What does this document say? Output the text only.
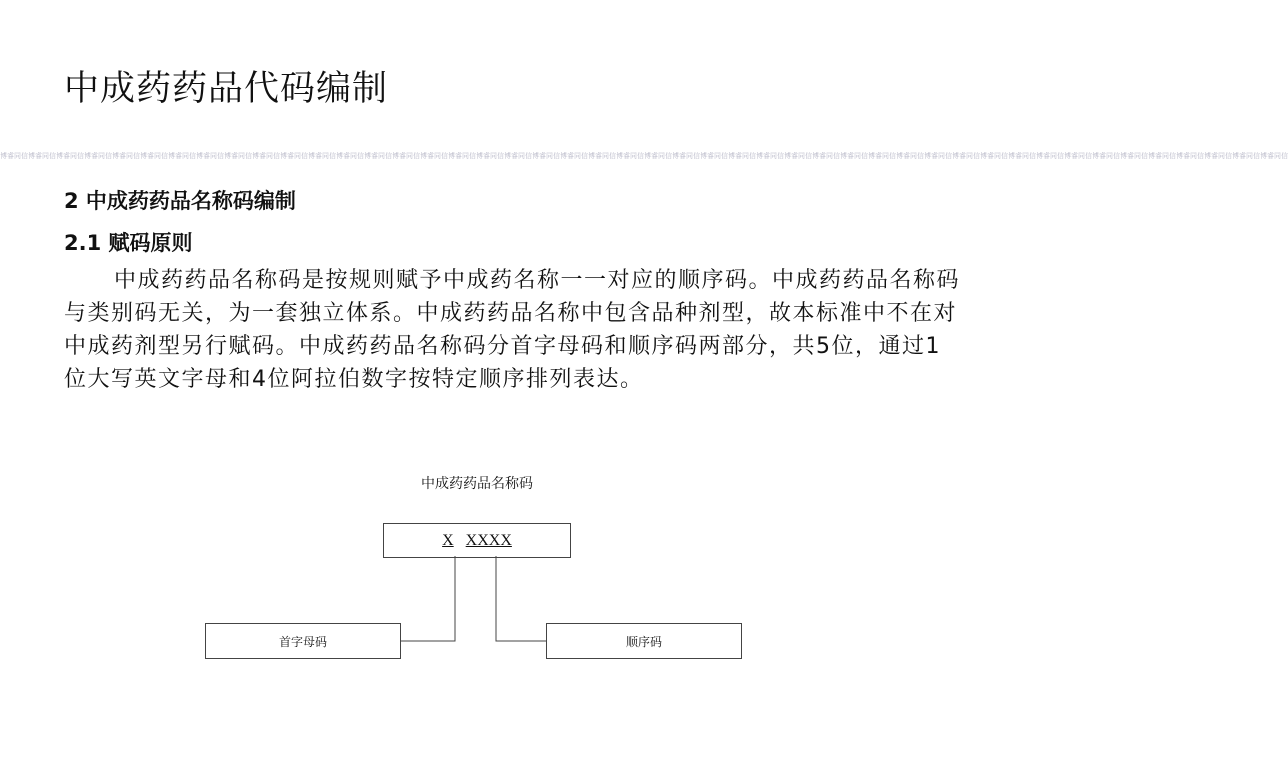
中成药药品代码编制
博睿同信博睿同信博睿同信博睿同信博睿同信博睿同信博睿同信博睿同信博睿同信博睿同信博睿同信博睿同信博睿同信博睿同信博睿同信博睿同信博睿同信博睿同信博睿同信博睿同信博睿同信博睿同信博睿同信博睿同信博睿同信博睿同信博睿同信博睿同信博睿同信博睿同信博睿同信博睿同信博睿同信博睿同信博睿同信博睿同信博睿同信博睿同信博睿同信博睿同信博睿同信博睿同信博睿同信博睿同信博睿同信博睿同信
2 中成药药品名称码编制
2.1 赋码原则

中成药药品名称码是按规则赋予中成药名称一一对应的顺序码。中成药药品名称码与类别码无关，为一套独立体系。中成药药品名称中包含品种剂型，故本标准中不在对中成药剂型另行赋码。中成药药品名称码分首字母码和顺序码两部分，共5位，通过1位大写英文字母和4位阿拉伯数字按特定顺序排列表达。

中成药药品名称码
X XXXX
首字母码	顺序码
